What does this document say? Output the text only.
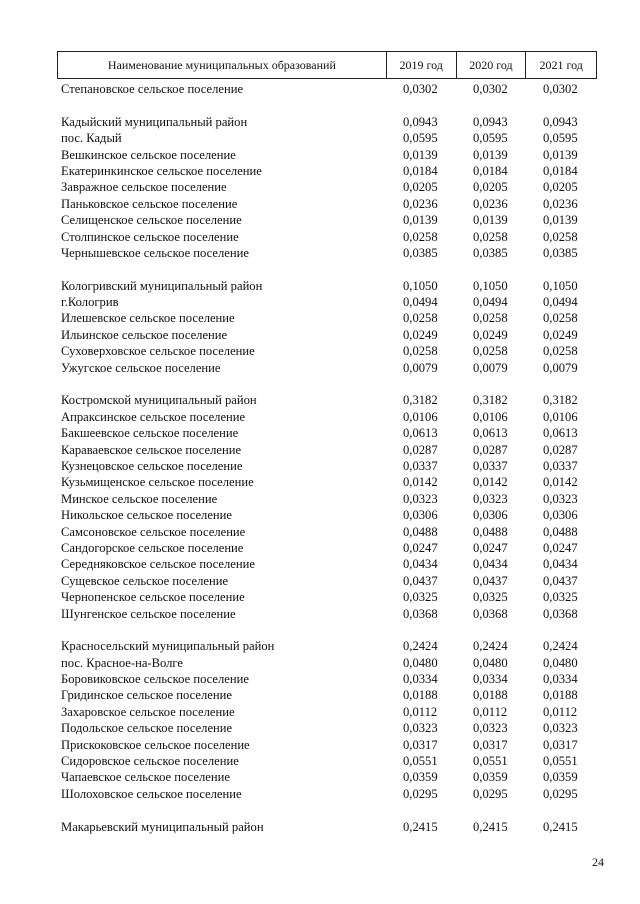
Наименование муниципальных образований	2019 год	2020 год	2021 год
Степановское сельское поселение	0,0302	0,0302	0,0302
Кадыйский муниципальный район	0,0943	0,0943	0,0943
пос. Кадый	0,0595	0,0595	0,0595
Вешкинское сельское поселение	0,0139	0,0139	0,0139
Екатеринкинское сельское поселение	0,0184	0,0184	0,0184
Завражное сельское поселение	0,0205	0,0205	0,0205
Паньковское сельское поселение	0,0236	0,0236	0,0236
Селищенское сельское поселение	0,0139	0,0139	0,0139
Столпинское сельское поселение	0,0258	0,0258	0,0258
Чернышевское сельское поселение	0,0385	0,0385	0,0385
Кологривский муниципальный район	0,1050	0,1050	0,1050
г.Кологрив	0,0494	0,0494	0,0494
Илешевское сельское поселение	0,0258	0,0258	0,0258
Ильинское сельское поселение	0,0249	0,0249	0,0249
Суховерховское сельское поселение	0,0258	0,0258	0,0258
Ужугское сельское поселение	0,0079	0,0079	0,0079
Костромской муниципальный район	0,3182	0,3182	0,3182
Апраксинское сельское поселение	0,0106	0,0106	0,0106
Бакшеевское сельское поселение	0,0613	0,0613	0,0613
Караваевское сельское поселение	0,0287	0,0287	0,0287
Кузнецовское сельское поселение	0,0337	0,0337	0,0337
Кузьмищенское сельское поселение	0,0142	0,0142	0,0142
Минское сельское поселение	0,0323	0,0323	0,0323
Никольское сельское поселение	0,0306	0,0306	0,0306
Самсоновское сельское поселение	0,0488	0,0488	0,0488
Сандогорское сельское поселение	0,0247	0,0247	0,0247
Середняковское сельское поселение	0,0434	0,0434	0,0434
Сущевское сельское поселение	0,0437	0,0437	0,0437
Чернопенское сельское поселение	0,0325	0,0325	0,0325
Шунгенское сельское поселение	0,0368	0,0368	0,0368
Красносельский муниципальный район	0,2424	0,2424	0,2424
пос. Красное-на-Волге	0,0480	0,0480	0,0480
Боровиковское сельское поселение	0,0334	0,0334	0,0334
Гридинское сельское поселение	0,0188	0,0188	0,0188
Захаровское сельское поселение	0,0112	0,0112	0,0112
Подольское сельское поселение	0,0323	0,0323	0,0323
Прискоковское сельское поселение	0,0317	0,0317	0,0317
Сидоровское сельское поселение	0,0551	0,0551	0,0551
Чапаевское сельское поселение	0,0359	0,0359	0,0359
Шолоховское сельское поселение	0,0295	0,0295	0,0295
Макарьевский муниципальный район	0,2415	0,2415	0,2415
24
